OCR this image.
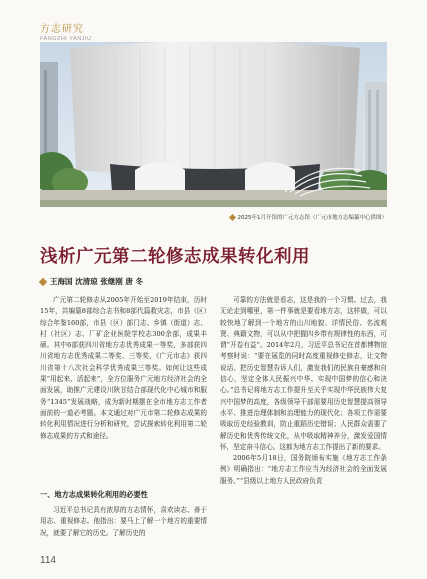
方志研究
FANGZHI YANJIU
2025年1月开馆的广元方志馆（广元市地方志编纂中心供图）
浅析广元第二轮修志成果转化利用
王海国 沈清琼 张继刚 唐 冬

广元第二轮修志从2005年开始至2019年结束，历时15年，共编纂8部综合志书和8部代篇救灾志，市县（区）综合年鉴160部，市县（区）部门志、乡镇（街道）志、村（社区）志、厂矿企业医院学校志300余部，成果丰硕。其中6部获四川省地方志优秀成果一等奖，多部获四川省地方志优秀成果二等奖、三等奖，《广元市志》获四川省第十八次社会科学优秀成果三等奖。如何让这些成果“用起来、活起来”，全方位服务广元地方经济社会的全面发展，助推广元建设川陕甘结合部现代化中心城市和服务“1345”发展战略，成为新时期摆在全市地方志工作者面前的一道必考题。本文通过对广元市第二轮修志成果的转化利用情况进行分析和研究，尝试探索转化利用第二轮修志成果的方式和途径。

一、地方志成果转化利用的必要性

习近平总书记具有浓厚的方志情怀，喜欢读志、善于用志、重视修志。他指出：要马上了解一个地方的重要情况，就要了解它的历史。了解历史的

可靠的方法就是看志，这是我的一个习惯。过去，我无论走到哪里，第一件事就是要看地方志，这样做，可以较快地了解到一个地方的山川地貌、详情民俗、名流观贤、典籍文物，可以从中把握四乡带有规律性的东西，可谓“开卷有益”。2014年2月，习近平总书记在首都博物馆考察时说：“要在展览的同时高度重视修史修志，让文物说话、把历史智慧告诉人们，激发我们的民族自豪感和自信心，坚定全体人民振兴中华、实现中国梦的信心和决心。”总书记将地方志工作提升至关乎实现中华民族伟大复兴中国梦的高度，各级领导干部需要用历史智慧提高领导水平、推进治理体制和治理能力的现代化；各项工作需要吸取历史经验教训，防止重蹈历史错误；人民群众需要了解历史和优秀传统文化，从中吸取精神养分，激发爱国情怀，坚定奋斗信心。这都为地方志工作提出了新的要求。

2006年5月18日，国务院颁布实施《地方志工作条例》明确指出：“地方志工作应当为经济社会的全面发展服务。”“县级以上地方人民政府负责

114
